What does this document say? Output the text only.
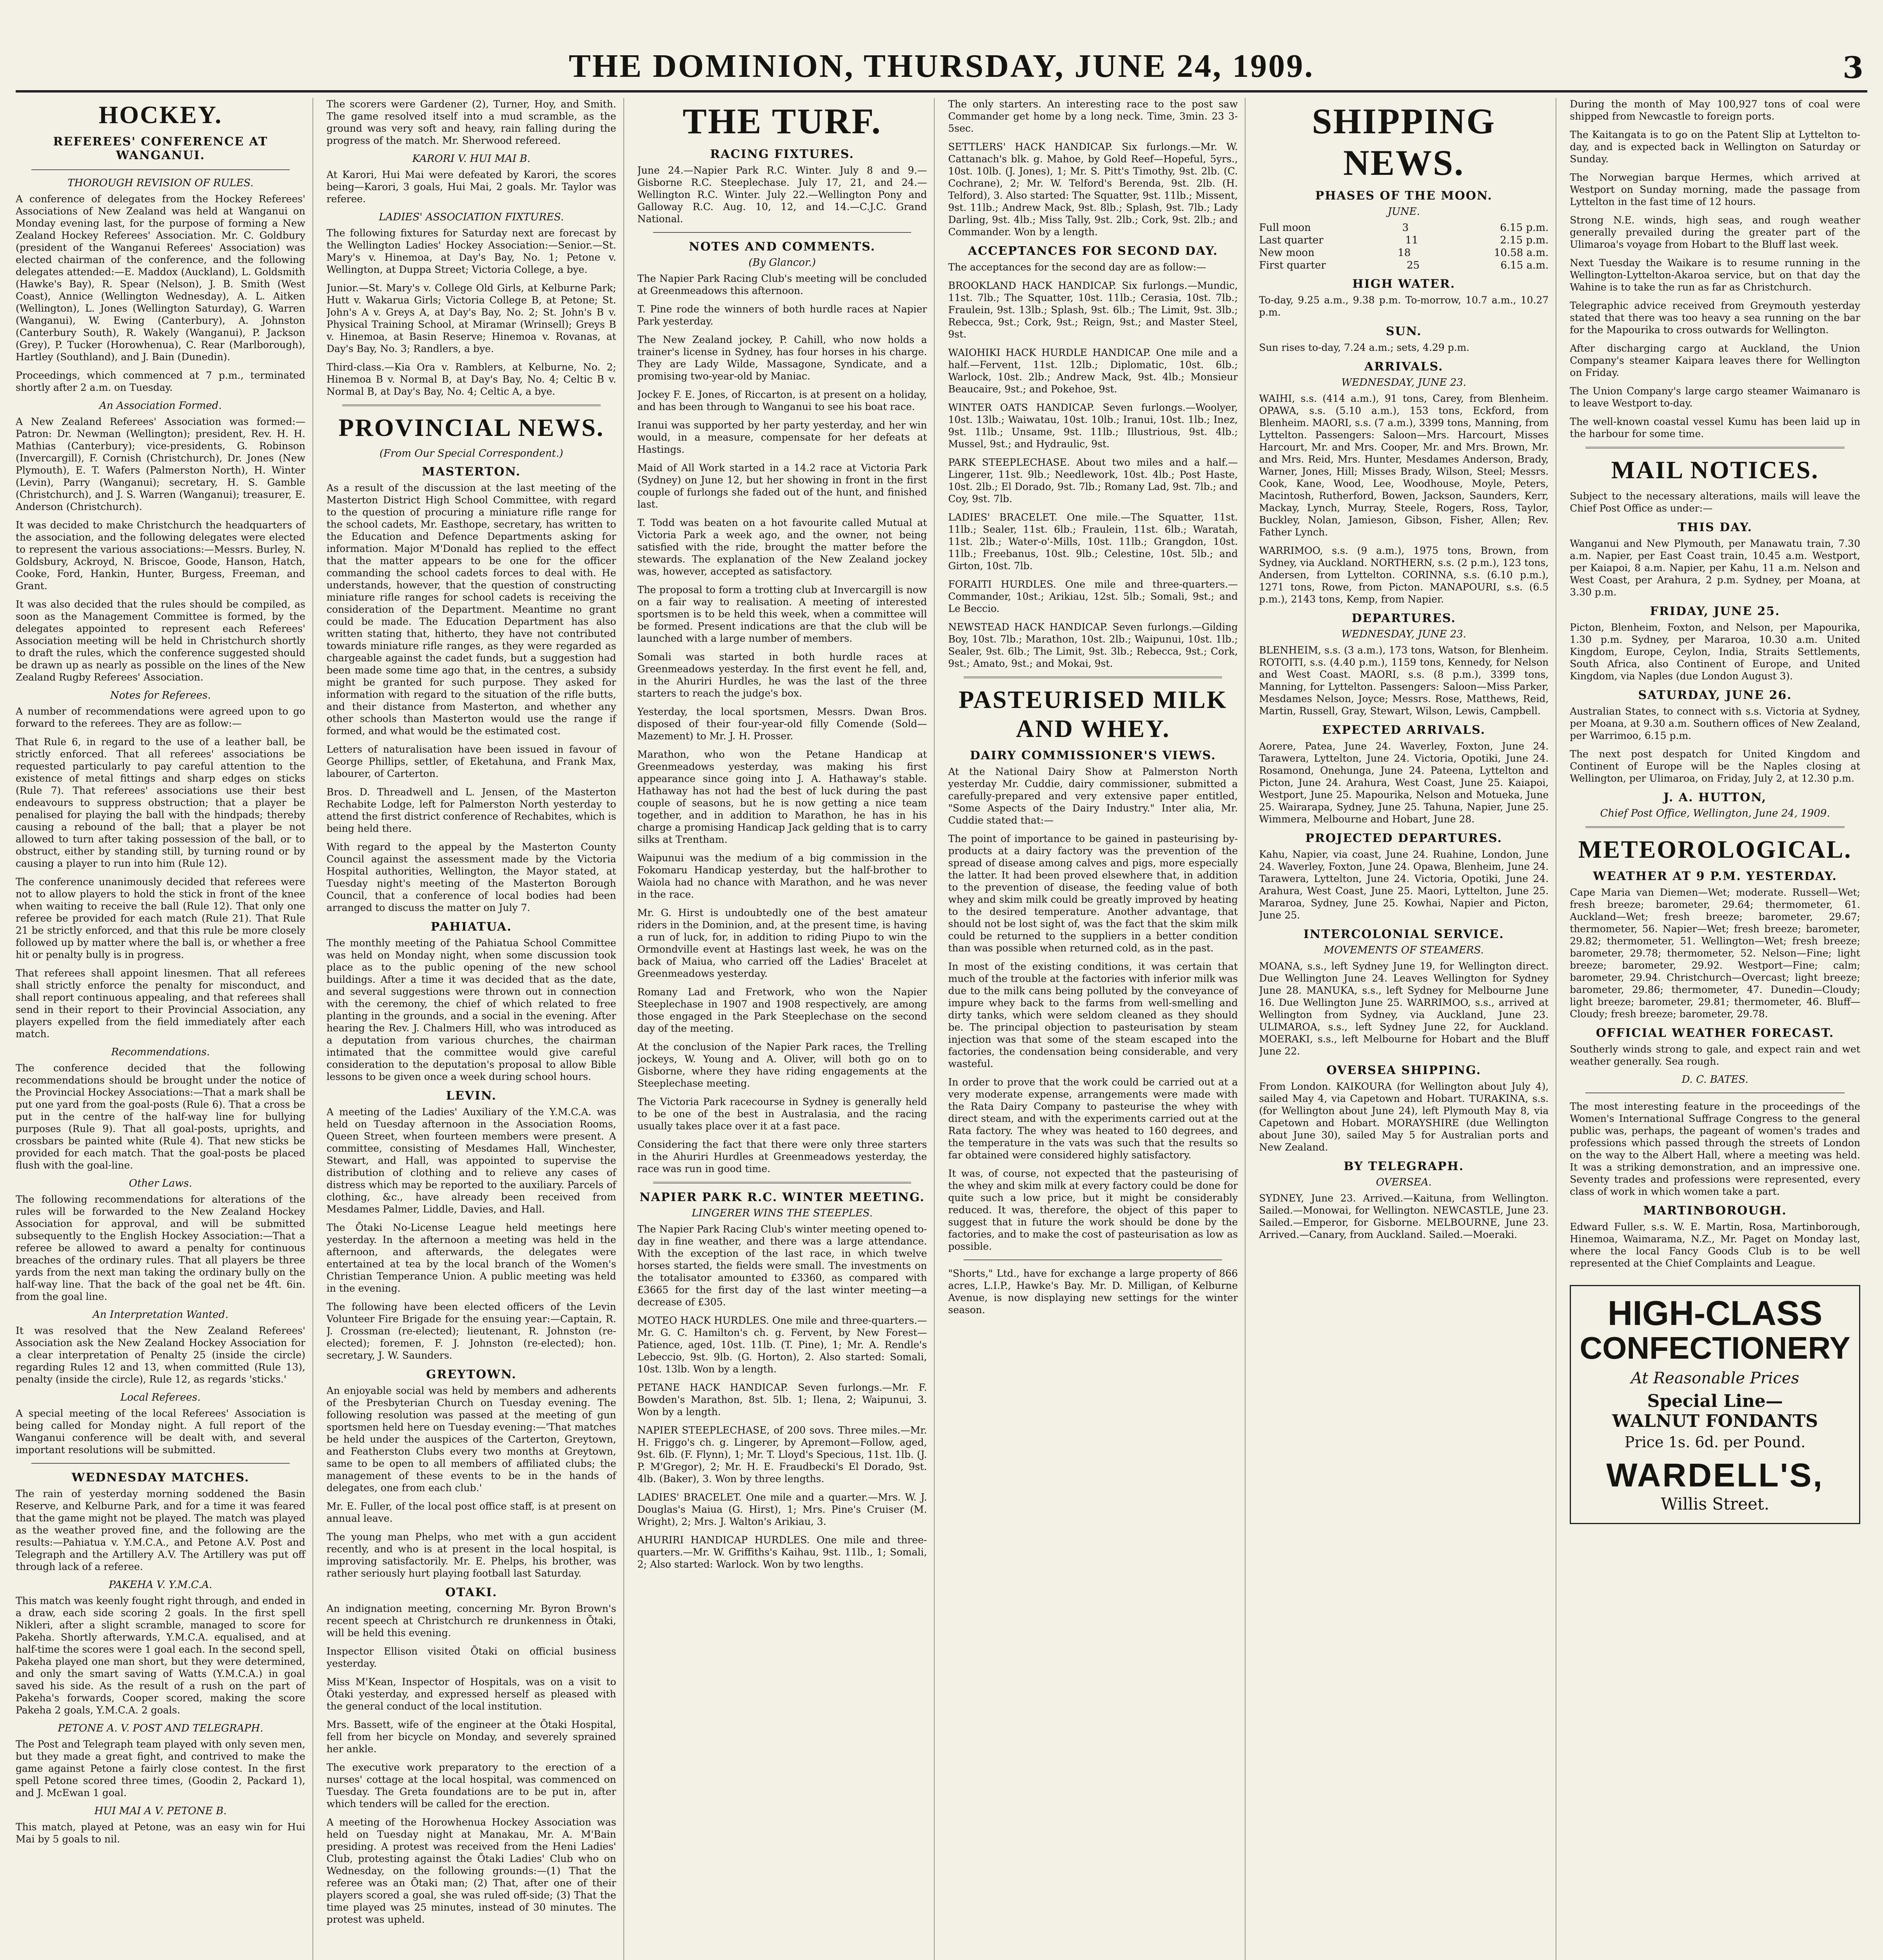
THE DOMINION, THURSDAY, JUNE 24, 1909.	3
HOCKEY.
REFEREES' CONFERENCE AT WANGANUI.
THOROUGH REVISION OF RULES.

A conference of delegates from the Hockey Referees' Associations of New Zealand was held at Wanganui on Monday evening last, for the purpose of forming a New Zealand Hockey Referees' Association. Mr. C. Goldbury (president of the Wanganui Referees' Association) was elected chairman of the conference, and the following delegates attended:—E. Maddox (Auckland), L. Goldsmith (Hawke's Bay), R. Spear (Nelson), J. B. Smith (West Coast), Annice (Wellington Wednesday), A. L. Aitken (Wellington), L. Jones (Wellington Saturday), G. Warren (Wanganui), W. Ewing (Canterbury), A. Johnston (Canterbury South), R. Wakely (Wanganui), P. Jackson (Grey), P. Tucker (Horowhenua), C. Rear (Marlborough), Hartley (Southland), and J. Bain (Dunedin).

Proceedings, which commenced at 7 p.m., terminated shortly after 2 a.m. on Tuesday.

An Association Formed.

A New Zealand Referees' Association was formed:—Patron: Dr. Newman (Wellington); president, Rev. H. H. Mathias (Canterbury); vice-presidents, G. Robinson (Invercargill), F. Cornish (Christchurch), Dr. Jones (New Plymouth), E. T. Wafers (Palmerston North), H. Winter (Levin), Parry (Wanganui); secretary, H. S. Gamble (Christchurch), and J. S. Warren (Wanganui); treasurer, E. Anderson (Christchurch).

It was decided to make Christchurch the headquarters of the association, and the following delegates were elected to represent the various associations:—Messrs. Burley, N. Goldsbury, Ackroyd, N. Briscoe, Goode, Hanson, Hatch, Cooke, Ford, Hankin, Hunter, Burgess, Freeman, and Grant.

It was also decided that the rules should be compiled, as soon as the Management Committee is formed, by the delegates appointed to represent each Referees' Association meeting will be held in Christchurch shortly to draft the rules, which the conference suggested should be drawn up as nearly as possible on the lines of the New Zealand Rugby Referees' Association.

Notes for Referees.

A number of recommendations were agreed upon to go forward to the referees. They are as follow:—

That Rule 6, in regard to the use of a leather ball, be strictly enforced. That all referees' associations be requested particularly to pay careful attention to the existence of metal fittings and sharp edges on sticks (Rule 7). That referees' associations use their best endeavours to suppress obstruction; that a player be penalised for playing the ball with the hindpads; thereby causing a rebound of the ball; that a player be not allowed to turn after taking possession of the ball, or to obstruct, either by standing still, by turning round or by causing a player to run into him (Rule 12).

The conference unanimously decided that referees were not to allow players to hold the stick in front of the knee when waiting to receive the ball (Rule 12). That only one referee be provided for each match (Rule 21). That Rule 21 be strictly enforced, and that this rule be more closely followed up by matter where the ball is, or whether a free hit or penalty bully is in progress.

That referees shall appoint linesmen. That all referees shall strictly enforce the penalty for misconduct, and shall report continuous appealing, and that referees shall send in their report to their Provincial Association, any players expelled from the field immediately after each match.

Recommendations.

The conference decided that the following recommendations should be brought under the notice of the Provincial Hockey Associations:—That a mark shall be put one yard from the goal-posts (Rule 6). That a cross be put in the centre of the half-way line for bullying purposes (Rule 9). That all goal-posts, uprights, and crossbars be painted white (Rule 4). That new sticks be provided for each match. That the goal-posts be placed flush with the goal-line.

Other Laws.

The following recommendations for alterations of the rules will be forwarded to the New Zealand Hockey Association for approval, and will be submitted subsequently to the English Hockey Association:—That a referee be allowed to award a penalty for continuous breaches of the ordinary rules. That all players be three yards from the next man taking the ordinary bully on the half-way line. That the back of the goal net be 4ft. 6in. from the goal line.

An Interpretation Wanted.

It was resolved that the New Zealand Referees' Association ask the New Zealand Hockey Association for a clear interpretation of Penalty 25 (inside the circle) regarding Rules 12 and 13, when committed (Rule 13), penalty (inside the circle), Rule 12, as regards 'sticks.'

Local Referees.

A special meeting of the local Referees' Association is being called for Monday night. A full report of the Wanganui conference will be dealt with, and several important resolutions will be submitted.

WEDNESDAY MATCHES.

The rain of yesterday morning soddened the Basin Reserve, and Kelburne Park, and for a time it was feared that the game might not be played. The match was played as the weather proved fine, and the following are the results:—Pahiatua v. Y.M.C.A., and Petone A.V. Post and Telegraph and the Artillery A.V. The Artillery was put off through lack of a referee.

PAKEHA V. Y.M.C.A.

This match was keenly fought right through, and ended in a draw, each side scoring 2 goals. In the first spell Nikleri, after a slight scramble, managed to score for Pakeha. Shortly afterwards, Y.M.C.A. equalised, and at half-time the scores were 1 goal each. In the second spell, Pakeha played one man short, but they were determined, and only the smart saving of Watts (Y.M.C.A.) in goal saved his side. As the result of a rush on the part of Pakeha's forwards, Cooper scored, making the score Pakeha 2 goals, Y.M.C.A. 2 goals.

PETONE A. V. POST AND TELEGRAPH.

The Post and Telegraph team played with only seven men, but they made a great fight, and contrived to make the game against Petone a fairly close contest. In the first spell Petone scored three times, (Goodin 2, Packard 1), and J. McEwan 1 goal.

HUI MAI A V. PETONE B.

This match, played at Petone, was an easy win for Hui Mai by 5 goals to nil.

The scorers were Gardener (2), Turner, Hoy, and Smith. The game resolved itself into a mud scramble, as the ground was very soft and heavy, rain falling during the progress of the match. Mr. Sherwood refereed.

KARORI V. HUI MAI B.

At Karori, Hui Mai were defeated by Karori, the scores being—Karori, 3 goals, Hui Mai, 2 goals. Mr. Taylor was referee.

LADIES' ASSOCIATION FIXTURES.

The following fixtures for Saturday next are forecast by the Wellington Ladies' Hockey Association:—Senior.—St. Mary's v. Hinemoa, at Day's Bay, No. 1; Petone v. Wellington, at Duppa Street; Victoria College, a bye.

Junior.—St. Mary's v. College Old Girls, at Kelburne Park; Hutt v. Wakarua Girls; Victoria College B, at Petone; St. John's A v. Greys A, at Day's Bay, No. 2; St. John's B v. Physical Training School, at Miramar (Wrinsell); Greys B v. Hinemoa, at Basin Reserve; Hinemoa v. Rovanas, at Day's Bay, No. 3; Randlers, a bye.

Third-class.—Kia Ora v. Ramblers, at Kelburne, No. 2; Hinemoa B v. Normal B, at Day's Bay, No. 4; Celtic B v. Normal B, at Day's Bay, No. 4; Celtic A, a bye.

PROVINCIAL NEWS.
(From Our Special Correspondent.)
MASTERTON.

As a result of the discussion at the last meeting of the Masterton District High School Committee, with regard to the question of procuring a miniature rifle range for the school cadets, Mr. Easthope, secretary, has written to the Education and Defence Departments asking for information. Major M'Donald has replied to the effect that the matter appears to be one for the officer commanding the school cadets forces to deal with. He understands, however, that the question of constructing miniature rifle ranges for school cadets is receiving the consideration of the Department. Meantime no grant could be made. The Education Department has also written stating that, hitherto, they have not contributed towards miniature rifle ranges, as they were regarded as chargeable against the cadet funds, but a suggestion had been made some time ago that, in the centres, a subsidy might be granted for such purpose. They asked for information with regard to the situation of the rifle butts, and their distance from Masterton, and whether any other schools than Masterton would use the range if formed, and what would be the estimated cost.

Letters of naturalisation have been issued in favour of George Phillips, settler, of Eketahuna, and Frank Max, labourer, of Carterton.

Bros. D. Threadwell and L. Jensen, of the Masterton Rechabite Lodge, left for Palmerston North yesterday to attend the first district conference of Rechabites, which is being held there.

With regard to the appeal by the Masterton County Council against the assessment made by the Victoria Hospital authorities, Wellington, the Mayor stated, at Tuesday night's meeting of the Masterton Borough Council, that a conference of local bodies had been arranged to discuss the matter on July 7.

PAHIATUA.

The monthly meeting of the Pahiatua School Committee was held on Monday night, when some discussion took place as to the public opening of the new school buildings. After a time it was decided that as the date, and several suggestions were thrown out in connection with the ceremony, the chief of which related to free planting in the grounds, and a social in the evening. After hearing the Rev. J. Chalmers Hill, who was introduced as a deputation from various churches, the chairman intimated that the committee would give careful consideration to the deputation's proposal to allow Bible lessons to be given once a week during school hours.

LEVIN.

A meeting of the Ladies' Auxiliary of the Y.M.C.A. was held on Tuesday afternoon in the Association Rooms, Queen Street, when fourteen members were present. A committee, consisting of Mesdames Hall, Winchester, Stewart, and Hall, was appointed to supervise the distribution of clothing and to relieve any cases of distress which may be reported to the auxiliary. Parcels of clothing, &c., have already been received from Mesdames Palmer, Liddle, Davies, and Hall.

The Ōtaki No-License League held meetings here yesterday. In the afternoon a meeting was held in the afternoon, and afterwards, the delegates were entertained at tea by the local branch of the Women's Christian Temperance Union. A public meeting was held in the evening.

The following have been elected officers of the Levin Volunteer Fire Brigade for the ensuing year:—Captain, R. J. Crossman (re-elected); lieutenant, R. Johnston (re-elected); foremen, F. J. Johnston (re-elected); hon. secretary, J. W. Saunders.

GREYTOWN.

An enjoyable social was held by members and adherents of the Presbyterian Church on Tuesday evening. The following resolution was passed at the meeting of gun sportsmen held here on Tuesday evening:—'That matches be held under the auspices of the Carterton, Greytown, and Featherston Clubs every two months at Greytown, same to be open to all members of affiliated clubs; the management of these events to be in the hands of delegates, one from each club.'

Mr. E. Fuller, of the local post office staff, is at present on annual leave.

The young man Phelps, who met with a gun accident recently, and who is at present in the local hospital, is improving satisfactorily. Mr. E. Phelps, his brother, was rather seriously hurt playing football last Saturday.

OTAKI.

An indignation meeting, concerning Mr. Byron Brown's recent speech at Christchurch re drunkenness in Ōtaki, will be held this evening.

Inspector Ellison visited Ōtaki on official business yesterday.

Miss M'Kean, Inspector of Hospitals, was on a visit to Ōtaki yesterday, and expressed herself as pleased with the general conduct of the local institution.

Mrs. Bassett, wife of the engineer at the Ōtaki Hospital, fell from her bicycle on Monday, and severely sprained her ankle.

The executive work preparatory to the erection of a nurses' cottage at the local hospital, was commenced on Tuesday. The Greta foundations are to be put in, after which tenders will be called for the erection.

A meeting of the Horowhenua Hockey Association was held on Tuesday night at Manakau, Mr. A. M'Bain presiding. A protest was received from the Heni Ladies' Club, protesting against the Ōtaki Ladies' Club who on Wednesday, on the following grounds:—(1) That the referee was an Ōtaki man; (2) That, after one of their players scored a goal, she was ruled off-side; (3) That the time played was 25 minutes, instead of 30 minutes. The protest was upheld.

THE TURF.
RACING FIXTURES.

June 24.—Napier Park R.C. Winter. July 8 and 9.—Gisborne R.C. Steeplechase. July 17, 21, and 24.—Wellington R.C. Winter. July 22.—Wellington Pony and Galloway R.C. Aug. 10, 12, and 14.—C.J.C. Grand National.

NOTES AND COMMENTS.
(By Glancor.)

The Napier Park Racing Club's meeting will be concluded at Greenmeadows this afternoon.

T. Pine rode the winners of both hurdle races at Napier Park yesterday.

The New Zealand jockey, P. Cahill, who now holds a trainer's license in Sydney, has four horses in his charge. They are Lady Wilde, Massagone, Syndicate, and a promising two-year-old by Maniac.

Jockey F. E. Jones, of Riccarton, is at present on a holiday, and has been through to Wanganui to see his boat race.

Iranui was supported by her party yesterday, and her win would, in a measure, compensate for her defeats at Hastings.

Maid of All Work started in a 14.2 race at Victoria Park (Sydney) on June 12, but her showing in front in the first couple of furlongs she faded out of the hunt, and finished last.

T. Todd was beaten on a hot favourite called Mutual at Victoria Park a week ago, and the owner, not being satisfied with the ride, brought the matter before the stewards. The explanation of the New Zealand jockey was, however, accepted as satisfactory.

The proposal to form a trotting club at Invercargill is now on a fair way to realisation. A meeting of interested sportsmen is to be held this week, when a committee will be formed. Present indications are that the club will be launched with a large number of members.

Somali was started in both hurdle races at Greenmeadows yesterday. In the first event he fell, and, in the Ahuriri Hurdles, he was the last of the three starters to reach the judge's box.

Yesterday, the local sportsmen, Messrs. Dwan Bros. disposed of their four-year-old filly Comende (Sold—Mazement) to Mr. J. H. Prosser.

Marathon, who won the Petane Handicap at Greenmeadows yesterday, was making his first appearance since going into J. A. Hathaway's stable. Hathaway has not had the best of luck during the past couple of seasons, but he is now getting a nice team together, and in addition to Marathon, he has in his charge a promising Handicap Jack gelding that is to carry silks at Trentham.

Waipunui was the medium of a big commission in the Fokomaru Handicap yesterday, but the half-brother to Waiola had no chance with Marathon, and he was never in the race.

Mr. G. Hirst is undoubtedly one of the best amateur riders in the Dominion, and, at the present time, is having a run of luck, for, in addition to riding Piupo to win the Ormondville event at Hastings last week, he was on the back of Maiua, who carried off the Ladies' Bracelet at Greenmeadows yesterday.

Romany Lad and Fretwork, who won the Napier Steeplechase in 1907 and 1908 respectively, are among those engaged in the Park Steeplechase on the second day of the meeting.

At the conclusion of the Napier Park races, the Trelling jockeys, W. Young and A. Oliver, will both go on to Gisborne, where they have riding engagements at the Steeplechase meeting.

The Victoria Park racecourse in Sydney is generally held to be one of the best in Australasia, and the racing usually takes place over it at a fast pace.

Considering the fact that there were only three starters in the Ahuriri Hurdles at Greenmeadows yesterday, the race was run in good time.

NAPIER PARK R.C. WINTER MEETING.
LINGERER WINS THE STEEPLES.

The Napier Park Racing Club's winter meeting opened to-day in fine weather, and there was a large attendance. With the exception of the last race, in which twelve horses started, the fields were small. The investments on the totalisator amounted to £3360, as compared with £3665 for the first day of the last winter meeting—a decrease of £305.

MOTEO HACK HURDLES. One mile and three-quarters.—Mr. G. C. Hamilton's ch. g. Fervent, by New Forest—Patience, aged, 10st. 11lb. (T. Pine), 1; Mr. A. Rendle's Lebeccio, 9st. 9lb. (G. Horton), 2. Also started: Somali, 10st. 13lb. Won by a length.

PETANE HACK HANDICAP. Seven furlongs.—Mr. F. Bowden's Marathon, 8st. 5lb. 1; Ilena, 2; Waipunui, 3. Won by a length.

NAPIER STEEPLECHASE, of 200 sovs. Three miles.—Mr. H. Friggo's ch. g. Lingerer, by Apremont—Follow, aged, 9st. 6lb. (F. Flynn), 1; Mr. T. Lloyd's Specious, 11st. 1lb. (J. P. M'Gregor), 2; Mr. H. E. Fraudbecki's El Dorado, 9st. 4lb. (Baker), 3. Won by three lengths.

LADIES' BRACELET. One mile and a quarter.—Mrs. W. J. Douglas's Maiua (G. Hirst), 1; Mrs. Pine's Cruiser (M. Wright), 2; Mrs. J. Walton's Arikiau, 3.

AHURIRI HANDICAP HURDLES. One mile and three-quarters.—Mr. W. Griffiths's Kaihau, 9st. 11lb., 1; Somali, 2; Also started: Warlock. Won by two lengths.

The only starters. An interesting race to the post saw Commander get home by a long neck. Time, 3min. 23 3-5sec.

SETTLERS' HACK HANDICAP. Six furlongs.—Mr. W. Cattanach's blk. g. Mahoe, by Gold Reef—Hopeful, 5yrs., 10st. 10lb. (J. Jones), 1; Mr. S. Pitt's Timothy, 9st. 2lb. (C. Cochrane), 2; Mr. W. Telford's Berenda, 9st. 2lb. (H. Telford), 3. Also started: The Squatter, 9st. 11lb.; Missent, 9st. 11lb.; Andrew Mack, 9st. 8lb.; Splash, 9st. 7lb.; Lady Darling, 9st. 4lb.; Miss Tally, 9st. 2lb.; Cork, 9st. 2lb.; and Commander. Won by a length.

ACCEPTANCES FOR SECOND DAY.

The acceptances for the second day are as follow:—

BROOKLAND HACK HANDICAP. Six furlongs.—Mundic, 11st. 7lb.; The Squatter, 10st. 11lb.; Cerasia, 10st. 7lb.; Fraulein, 9st. 13lb.; Splash, 9st. 6lb.; The Limit, 9st. 3lb.; Rebecca, 9st.; Cork, 9st.; Reign, 9st.; and Master Steel, 9st.

WAIOHIKI HACK HURDLE HANDICAP. One mile and a half.—Fervent, 11st. 12lb.; Diplomatic, 10st. 6lb.; Warlock, 10st. 2lb.; Andrew Mack, 9st. 4lb.; Monsieur Beaucaire, 9st.; and Pokehoe, 9st.

WINTER OATS HANDICAP. Seven furlongs.—Woolyer, 10st. 13lb.; Waiwatau, 10st. 10lb.; Iranui, 10st. 1lb.; Inez, 9st. 11lb.; Unsame, 9st. 11lb.; Illustrious, 9st. 4lb.; Mussel, 9st.; and Hydraulic, 9st.

PARK STEEPLECHASE. About two miles and a half.—Lingerer, 11st. 9lb.; Needlework, 10st. 4lb.; Post Haste, 10st. 2lb.; El Dorado, 9st. 7lb.; Romany Lad, 9st. 7lb.; and Coy, 9st. 7lb.

LADIES' BRACELET. One mile.—The Squatter, 11st. 11lb.; Sealer, 11st. 6lb.; Fraulein, 11st. 6lb.; Waratah, 11st. 2lb.; Water-o'-Mills, 10st. 11lb.; Grangdon, 10st. 11lb.; Freebanus, 10st. 9lb.; Celestine, 10st. 5lb.; and Girton, 10st. 7lb.

FORAITI HURDLES. One mile and three-quarters.—Commander, 10st.; Arikiau, 12st. 5lb.; Somali, 9st.; and Le Beccio.

NEWSTEAD HACK HANDICAP. Seven furlongs.—Gilding Boy, 10st. 7lb.; Marathon, 10st. 2lb.; Waipunui, 10st. 1lb.; Sealer, 9st. 6lb.; The Limit, 9st. 3lb.; Rebecca, 9st.; Cork, 9st.; Amato, 9st.; and Mokai, 9st.

PASTEURISED MILK AND WHEY.
DAIRY COMMISSIONER'S VIEWS.

At the National Dairy Show at Palmerston North yesterday Mr. Cuddie, dairy commissioner, submitted a carefully-prepared and very extensive paper entitled, "Some Aspects of the Dairy Industry." Inter alia, Mr. Cuddie stated that:—

The point of importance to be gained in pasteurising by-products at a dairy factory was the prevention of the spread of disease among calves and pigs, more especially the latter. It had been proved elsewhere that, in addition to the prevention of disease, the feeding value of both whey and skim milk could be greatly improved by heating to the desired temperature. Another advantage, that should not be lost sight of, was the fact that the skim milk could be returned to the suppliers in a better condition than was possible when returned cold, as in the past.

In most of the existing conditions, it was certain that much of the trouble at the factories with inferior milk was due to the milk cans being polluted by the conveyance of impure whey back to the farms from well-smelling and dirty tanks, which were seldom cleaned as they should be. The principal objection to pasteurisation by steam injection was that some of the steam escaped into the factories, the condensation being considerable, and very wasteful.

In order to prove that the work could be carried out at a very moderate expense, arrangements were made with the Rata Dairy Company to pasteurise the whey with direct steam, and with the experiments carried out at the Rata factory. The whey was heated to 160 degrees, and the temperature in the vats was such that the results so far obtained were considered highly satisfactory.

It was, of course, not expected that the pasteurising of the whey and skim milk at every factory could be done for quite such a low price, but it might be considerably reduced. It was, therefore, the object of this paper to suggest that in future the work should be done by the factories, and to make the cost of pasteurisation as low as possible.

"Shorts," Ltd., have for exchange a large property of 866 acres, L.I.P., Hawke's Bay. Mr. D. Milligan, of Kelburne Avenue, is now displaying new settings for the winter season.

SHIPPING NEWS.
PHASES OF THE MOON.
JUNE.
Full moon	3	6.15 p.m.
Last quarter	11	2.15 p.m.
New moon	18	10.58 a.m.
First quarter	25	6.15 a.m.
HIGH WATER.

To-day, 9.25 a.m., 9.38 p.m. To-morrow, 10.7 a.m., 10.27 p.m.

SUN.

Sun rises to-day, 7.24 a.m.; sets, 4.29 p.m.

ARRIVALS.
WEDNESDAY, JUNE 23.

WAIHI, s.s. (414 a.m.), 91 tons, Carey, from Blenheim. OPAWA, s.s. (5.10 a.m.), 153 tons, Eckford, from Blenheim. MAORI, s.s. (7 a.m.), 3399 tons, Manning, from Lyttelton. Passengers: Saloon—Mrs. Harcourt, Misses Harcourt, Mr. and Mrs. Cooper, Mr. and Mrs. Brown, Mr. and Mrs. Reid, Mrs. Hunter, Mesdames Anderson, Brady, Warner, Jones, Hill; Misses Brady, Wilson, Steel; Messrs. Cook, Kane, Wood, Lee, Woodhouse, Moyle, Peters, Macintosh, Rutherford, Bowen, Jackson, Saunders, Kerr, Mackay, Lynch, Murray, Steele, Rogers, Ross, Taylor, Buckley, Nolan, Jamieson, Gibson, Fisher, Allen; Rev. Father Lynch.

WARRIMOO, s.s. (9 a.m.), 1975 tons, Brown, from Sydney, via Auckland. NORTHERN, s.s. (2 p.m.), 123 tons, Andersen, from Lyttelton. CORINNA, s.s. (6.10 p.m.), 1271 tons, Rowe, from Picton. MANAPOURI, s.s. (6.5 p.m.), 2143 tons, Kemp, from Napier.

DEPARTURES.
WEDNESDAY, JUNE 23.

BLENHEIM, s.s. (3 a.m.), 173 tons, Watson, for Blenheim. ROTOITI, s.s. (4.40 p.m.), 1159 tons, Kennedy, for Nelson and West Coast. MAORI, s.s. (8 p.m.), 3399 tons, Manning, for Lyttelton. Passengers: Saloon—Miss Parker, Mesdames Nelson, Joyce; Messrs. Rose, Matthews, Reid, Martin, Russell, Gray, Stewart, Wilson, Lewis, Campbell.

EXPECTED ARRIVALS.

Aorere, Patea, June 24. Waverley, Foxton, June 24. Tarawera, Lyttelton, June 24. Victoria, Opotiki, June 24. Rosamond, Onehunga, June 24. Pateena, Lyttelton and Picton, June 24. Arahura, West Coast, June 25. Kaiapoi, Westport, June 25. Mapourika, Nelson and Motueka, June 25. Wairarapa, Sydney, June 25. Tahuna, Napier, June 25. Wimmera, Melbourne and Hobart, June 28.

PROJECTED DEPARTURES.

Kahu, Napier, via coast, June 24. Ruahine, London, June 24. Waverley, Foxton, June 24. Opawa, Blenheim, June 24. Tarawera, Lyttelton, June 24. Victoria, Opotiki, June 24. Arahura, West Coast, June 25. Maori, Lyttelton, June 25. Mararoa, Sydney, June 25. Kowhai, Napier and Picton, June 25.

INTERCOLONIAL SERVICE.
MOVEMENTS OF STEAMERS.

MOANA, s.s., left Sydney June 19, for Wellington direct. Due Wellington June 24. Leaves Wellington for Sydney June 28. MANUKA, s.s., left Sydney for Melbourne June 16. Due Wellington June 25. WARRIMOO, s.s., arrived at Wellington from Sydney, via Auckland, June 23. ULIMAROA, s.s., left Sydney June 22, for Auckland. MOERAKI, s.s., left Melbourne for Hobart and the Bluff June 22.

OVERSEA SHIPPING.

From London. KAIKOURA (for Wellington about July 4), sailed May 4, via Capetown and Hobart. TURAKINA, s.s. (for Wellington about June 24), left Plymouth May 8, via Capetown and Hobart. MORAYSHIRE (due Wellington about June 30), sailed May 5 for Australian ports and New Zealand.

BY TELEGRAPH.
OVERSEA.

SYDNEY, June 23. Arrived.—Kaituna, from Wellington. Sailed.—Monowai, for Wellington. NEWCASTLE, June 23. Sailed.—Emperor, for Gisborne. MELBOURNE, June 23. Arrived.—Canary, from Auckland. Sailed.—Moeraki.

During the month of May 100,927 tons of coal were shipped from Newcastle to foreign ports.

The Kaitangata is to go on the Patent Slip at Lyttelton to-day, and is expected back in Wellington on Saturday or Sunday.

The Norwegian barque Hermes, which arrived at Westport on Sunday morning, made the passage from Lyttelton in the fast time of 12 hours.

Strong N.E. winds, high seas, and rough weather generally prevailed during the greater part of the Ulimaroa's voyage from Hobart to the Bluff last week.

Next Tuesday the Waikare is to resume running in the Wellington-Lyttelton-Akaroa service, but on that day the Wahine is to take the run as far as Christchurch.

Telegraphic advice received from Greymouth yesterday stated that there was too heavy a sea running on the bar for the Mapourika to cross outwards for Wellington.

After discharging cargo at Auckland, the Union Company's steamer Kaipara leaves there for Wellington on Friday.

The Union Company's large cargo steamer Waimanaro is to leave Westport to-day.

The well-known coastal vessel Kumu has been laid up in the harbour for some time.

MAIL NOTICES.

Subject to the necessary alterations, mails will leave the Chief Post Office as under:—

THIS DAY.

Wanganui and New Plymouth, per Manawatu train, 7.30 a.m. Napier, per East Coast train, 10.45 a.m. Westport, per Kaiapoi, 8 a.m. Napier, per Kahu, 11 a.m. Nelson and West Coast, per Arahura, 2 p.m. Sydney, per Moana, at 3.30 p.m.

FRIDAY, JUNE 25.

Picton, Blenheim, Foxton, and Nelson, per Mapourika, 1.30 p.m. Sydney, per Mararoa, 10.30 a.m. United Kingdom, Europe, Ceylon, India, Straits Settlements, South Africa, also Continent of Europe, and United Kingdom, via Naples (due London August 3).

SATURDAY, JUNE 26.

Australian States, to connect with s.s. Victoria at Sydney, per Moana, at 9.30 a.m. Southern offices of New Zealand, per Warrimoo, 6.15 p.m.

The next post despatch for United Kingdom and Continent of Europe will be the Naples closing at Wellington, per Ulimaroa, on Friday, July 2, at 12.30 p.m.

J. A. HUTTON,
Chief Post Office, Wellington, June 24, 1909.
METEOROLOGICAL.
WEATHER AT 9 P.M. YESTERDAY.

Cape Maria van Diemen—Wet; moderate. Russell—Wet; fresh breeze; barometer, 29.64; thermometer, 61. Auckland—Wet; fresh breeze; barometer, 29.67; thermometer, 56. Napier—Wet; fresh breeze; barometer, 29.82; thermometer, 51. Wellington—Wet; fresh breeze; barometer, 29.78; thermometer, 52. Nelson—Fine; light breeze; barometer, 29.92. Westport—Fine; calm; barometer, 29.94. Christchurch—Overcast; light breeze; barometer, 29.86; thermometer, 47. Dunedin—Cloudy; light breeze; barometer, 29.81; thermometer, 46. Bluff—Cloudy; fresh breeze; barometer, 29.78.

OFFICIAL WEATHER FORECAST.

Southerly winds strong to gale, and expect rain and wet weather generally. Sea rough.

D. C. BATES.

The most interesting feature in the proceedings of the Women's International Suffrage Congress to the general public was, perhaps, the pageant of women's trades and professions which passed through the streets of London on the way to the Albert Hall, where a meeting was held. It was a striking demonstration, and an impressive one. Seventy trades and professions were represented, every class of work in which women take a part.

MARTINBOROUGH.

Edward Fuller, s.s. W. E. Martin, Rosa, Martinborough, Hinemoa, Waimarama, N.Z., Mr. Paget on Monday last, where the local Fancy Goods Club is to be well represented at the Chief Complaints and League.

HIGH-CLASS
CONFECTIONERY
At Reasonable Prices
Special Line—
WALNUT FONDANTS
Price 1s. 6d. per Pound.
WARDELL'S,
Willis Street.
